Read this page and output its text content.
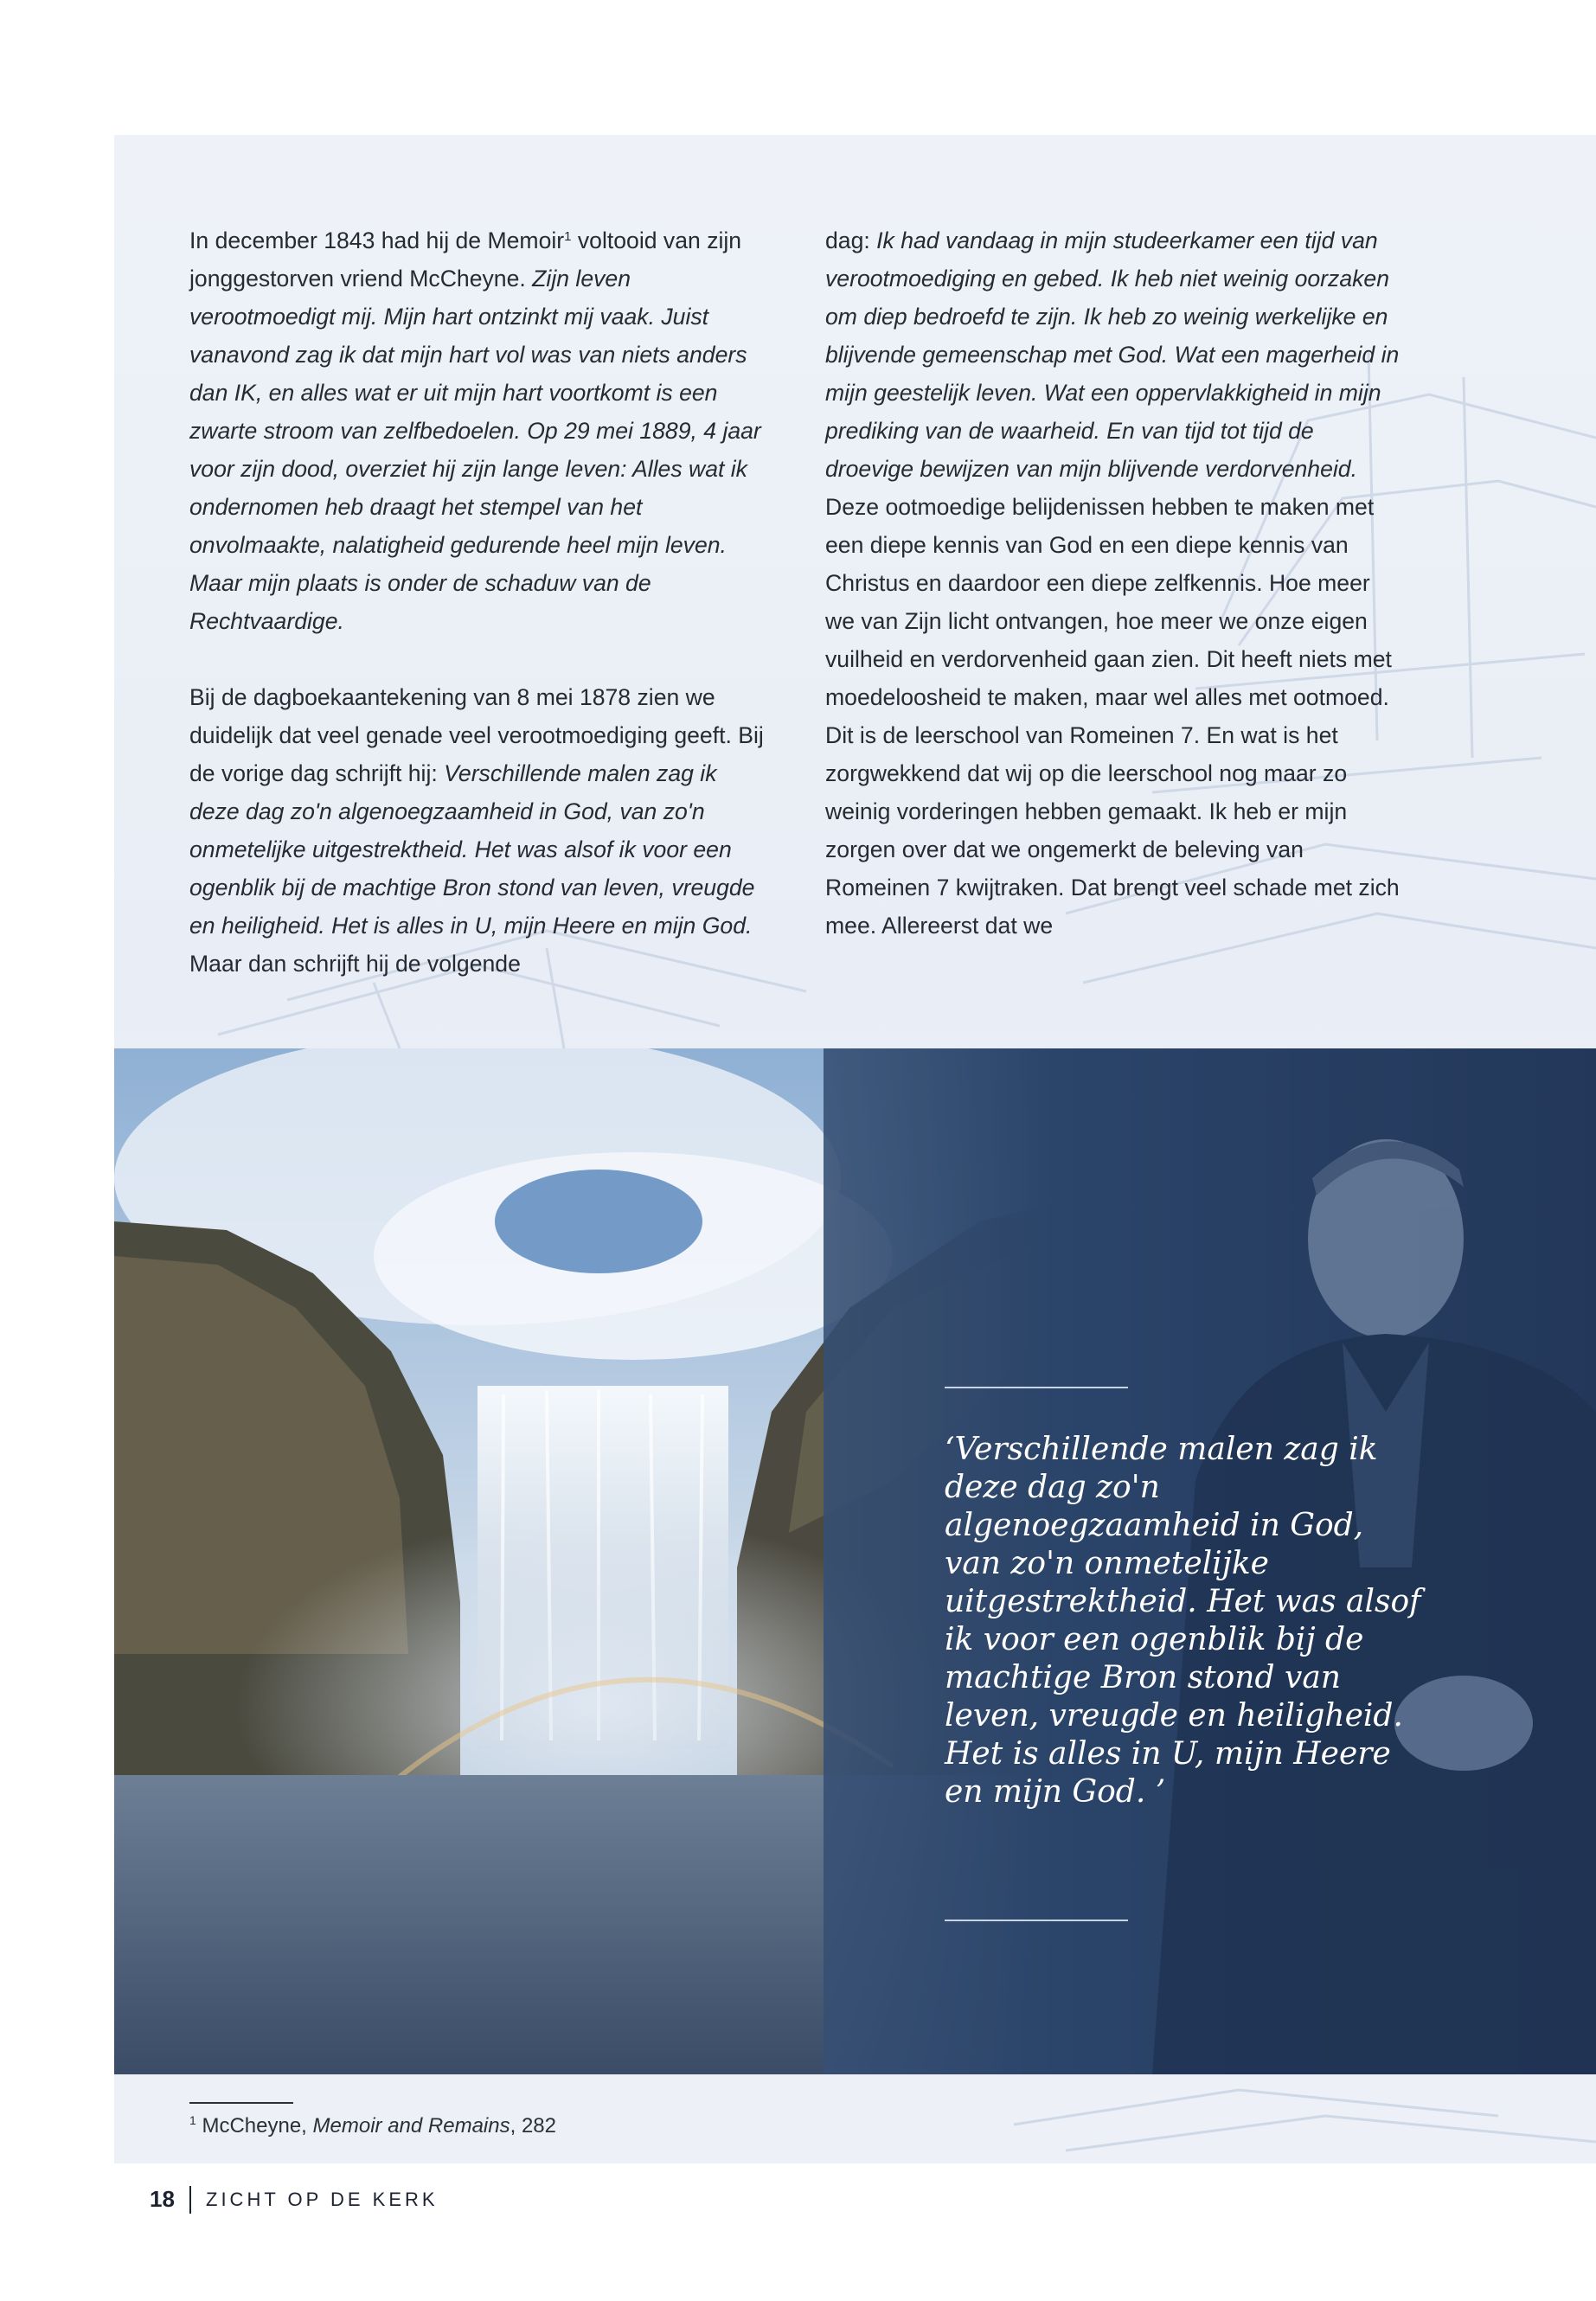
In december 1843 had hij de Memoir$^1$ voltooid van zijn jonggestorven vriend McCheyne. Zijn leven verootmoedigt mij. Mijn hart ontzinkt mij vaak. Juist vanavond zag ik dat mijn hart vol was van niets anders dan IK, en alles wat er uit mijn hart voortkomt is een zwarte stroom van zelfbedoelen. Op 29 mei 1889, 4 jaar voor zijn dood, overziet hij zijn lange leven: Alles wat ik ondernomen heb draagt het stempel van het onvolmaakte, nalatigheid gedurende heel mijn leven. Maar mijn plaats is onder de schaduw van de Rechtvaardige.

Bij de dagboekaantekening van 8 mei 1878 zien we duidelijk dat veel genade veel verootmoediging geeft. Bij de vorige dag schrijft hij: Verschillende malen zag ik deze dag zo'n algenoegzaamheid in God, van zo'n onmetelijke uitgestrektheid. Het was alsof ik voor een ogenblik bij de machtige Bron stond van leven, vreugde en heiligheid. Het is alles in U, mijn Heere en mijn God. Maar dan schrijft hij de volgende

dag: Ik had vandaag in mijn studeerkamer een tijd van verootmoediging en gebed. Ik heb niet weinig oorzaken om diep bedroefd te zijn. Ik heb zo weinig werkelijke en blijvende gemeenschap met God. Wat een magerheid in mijn geestelijk leven. Wat een oppervlakkigheid in mijn prediking van de waarheid. En van tijd tot tijd de droevige bewijzen van mijn blijvende verdorvenheid.

Deze ootmoedige belijdenissen hebben te maken met een diepe kennis van God en een diepe kennis van Christus en daardoor een diepe zelfkennis. Hoe meer we van Zijn licht ontvangen, hoe meer we onze eigen vuilheid en verdorvenheid gaan zien. Dit heeft niets met moedeloosheid te maken, maar wel alles met ootmoed. Dit is de leerschool van Romeinen 7. En wat is het zorgwekkend dat wij op die leerschool nog maar zo weinig vorderingen hebben gemaakt. Ik heb er mijn zorgen over dat we ongemerkt de beleving van Romeinen 7 kwijtraken. Dat brengt veel schade met zich mee. Allereerst dat we

‘Verschillende malen zag ik deze dag zo'n algenoegzaamheid in God, van zo'n onmetelijke uitgestrektheid. Het was alsof ik voor een ogenblik bij de machtige Bron stond van leven, vreugde en heiligheid. Het is alles in U, mijn Heere en mijn God. ’

$^1$ McCheyne, Memoir and Remains, 282
18 ZICHT OP DE KERK
